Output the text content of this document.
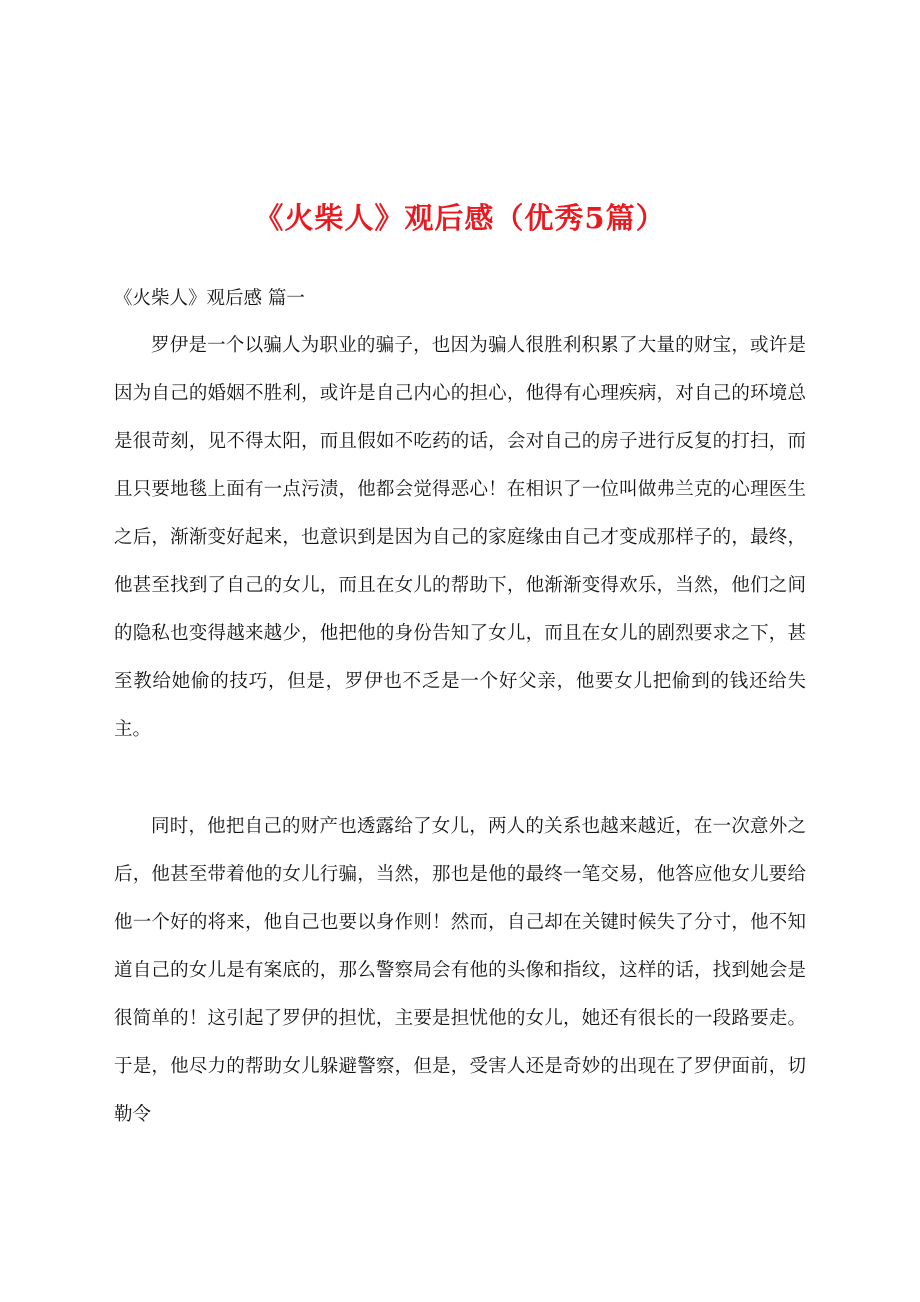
《火柴人》观后感（优秀5篇）
《火柴人》观后感 篇一

罗伊是一个以骗人为职业的骗子，也因为骗人很胜利积累了大量的财宝，或许是因为自己的婚姻不胜利，或许是自己内心的担心，他得有心理疾病，对自己的环境总是很苛刻，见不得太阳，而且假如不吃药的话，会对自己的房子进行反复的打扫，而且只要地毯上面有一点污渍，他都会觉得恶心！在相识了一位叫做弗兰克的心理医生之后，渐渐变好起来，也意识到是因为自己的家庭缘由自己才变成那样子的，最终，他甚至找到了自己的女儿，而且在女儿的帮助下，他渐渐变得欢乐，当然，他们之间的隐私也变得越来越少，他把他的身份告知了女儿，而且在女儿的剧烈要求之下，甚至教给她偷的技巧，但是，罗伊也不乏是一个好父亲，他要女儿把偷到的钱还给失主。

同时，他把自己的财产也透露给了女儿，两人的关系也越来越近，在一次意外之后，他甚至带着他的女儿行骗，当然，那也是他的最终一笔交易，他答应他女儿要给他一个好的将来，他自己也要以身作则！然而，自己却在关键时候失了分寸，他不知道自己的女儿是有案底的，那么警察局会有他的头像和指纹，这样的话，找到她会是很简单的！这引起了罗伊的担忧，主要是担忧他的女儿，她还有很长的一段路要走。于是，他尽力的帮助女儿躲避警察，但是，受害人还是奇妙的出现在了罗伊面前，切勒令
